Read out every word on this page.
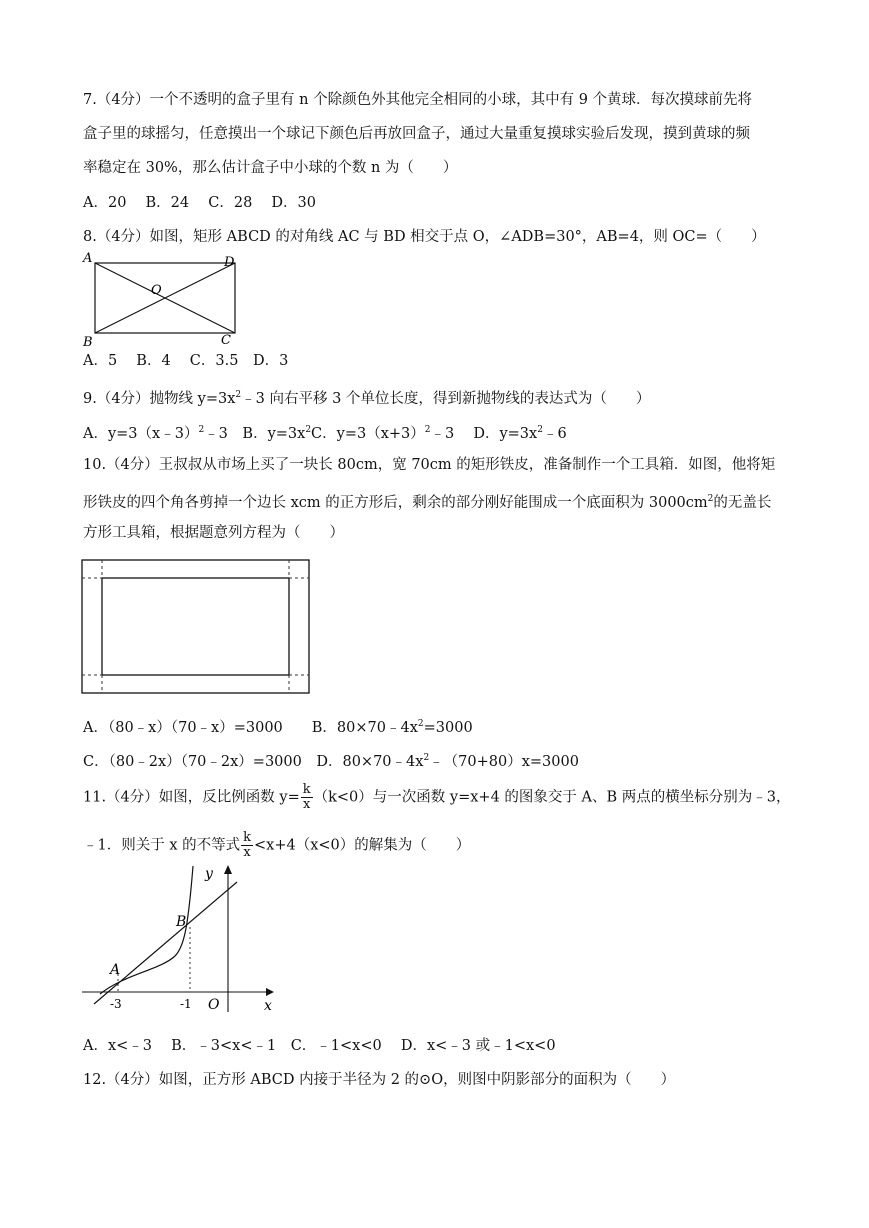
7.（4分）一个不透明的盒子里有 n 个除颜色外其他完全相同的小球，其中有 9 个黄球．每次摸球前先将
盒子里的球摇匀，任意摸出一个球记下颜色后再放回盒子，通过大量重复摸球实验后发现，摸到黄球的频
率稳定在 30%，那么估计盒子中小球的个数 n 为（　　）
A．20　 B．24　 C．28　 D．30
8.（4分）如图，矩形 ABCD 的对角线 AC 与 BD 相交于点 O，∠ADB=30°，AB=4，则 OC=（　　）
A	D
O
B	C
A．5　 B．4　 C．3.5　D．3
9.（4分）抛物线 $y=3x^2﹣3$ 向右平移 3 个单位长度，得到新抛物线的表达式为（　　）
A．y=3（x﹣3）$^2$﹣3　B．$y=3x^2C$．$y=3(x+3)^2﹣3$　 D．$y=3x^2﹣6$
10.（4分）王叔叔从市场上买了一块长 80cm，宽 70cm 的矩形铁皮，准备制作一个工具箱．如图，他将矩
形铁皮的四个角各剪掉一个边长 xcm 的正方形后，剩余的部分刚好能围成一个底面积为 $3000cm^2$的无盖长
方形工具箱，根据题意列方程为（　　）
A．（80﹣x）（70﹣x）=3000　　B．$80\times 70﹣4x^2=3000$
C．（80﹣2x）（70﹣2x）=3000　D．$80\times 70﹣4x^2﹣(70+80)x=3000$
11.（4分）如图，反比例函数 $y= \frac{k}{x} (k<0)$与一次函数 y=x+4 的图象交于 A、B 两点的横坐标分别为﹣3，
﹣1．则关于 x 的不等式 $\frac{k}{x} <x+4(x<0)$的解集为（　　）
y
x
O
A
B
-3	-1
A．x<﹣3　 B．﹣3<x<﹣1　C．﹣1<x<0　 D．x<﹣3 或﹣1<x<0
12.（4分）如图，正方形 ABCD 内接于半径为 2 的⊙O，则图中阴影部分的面积为（　　）
